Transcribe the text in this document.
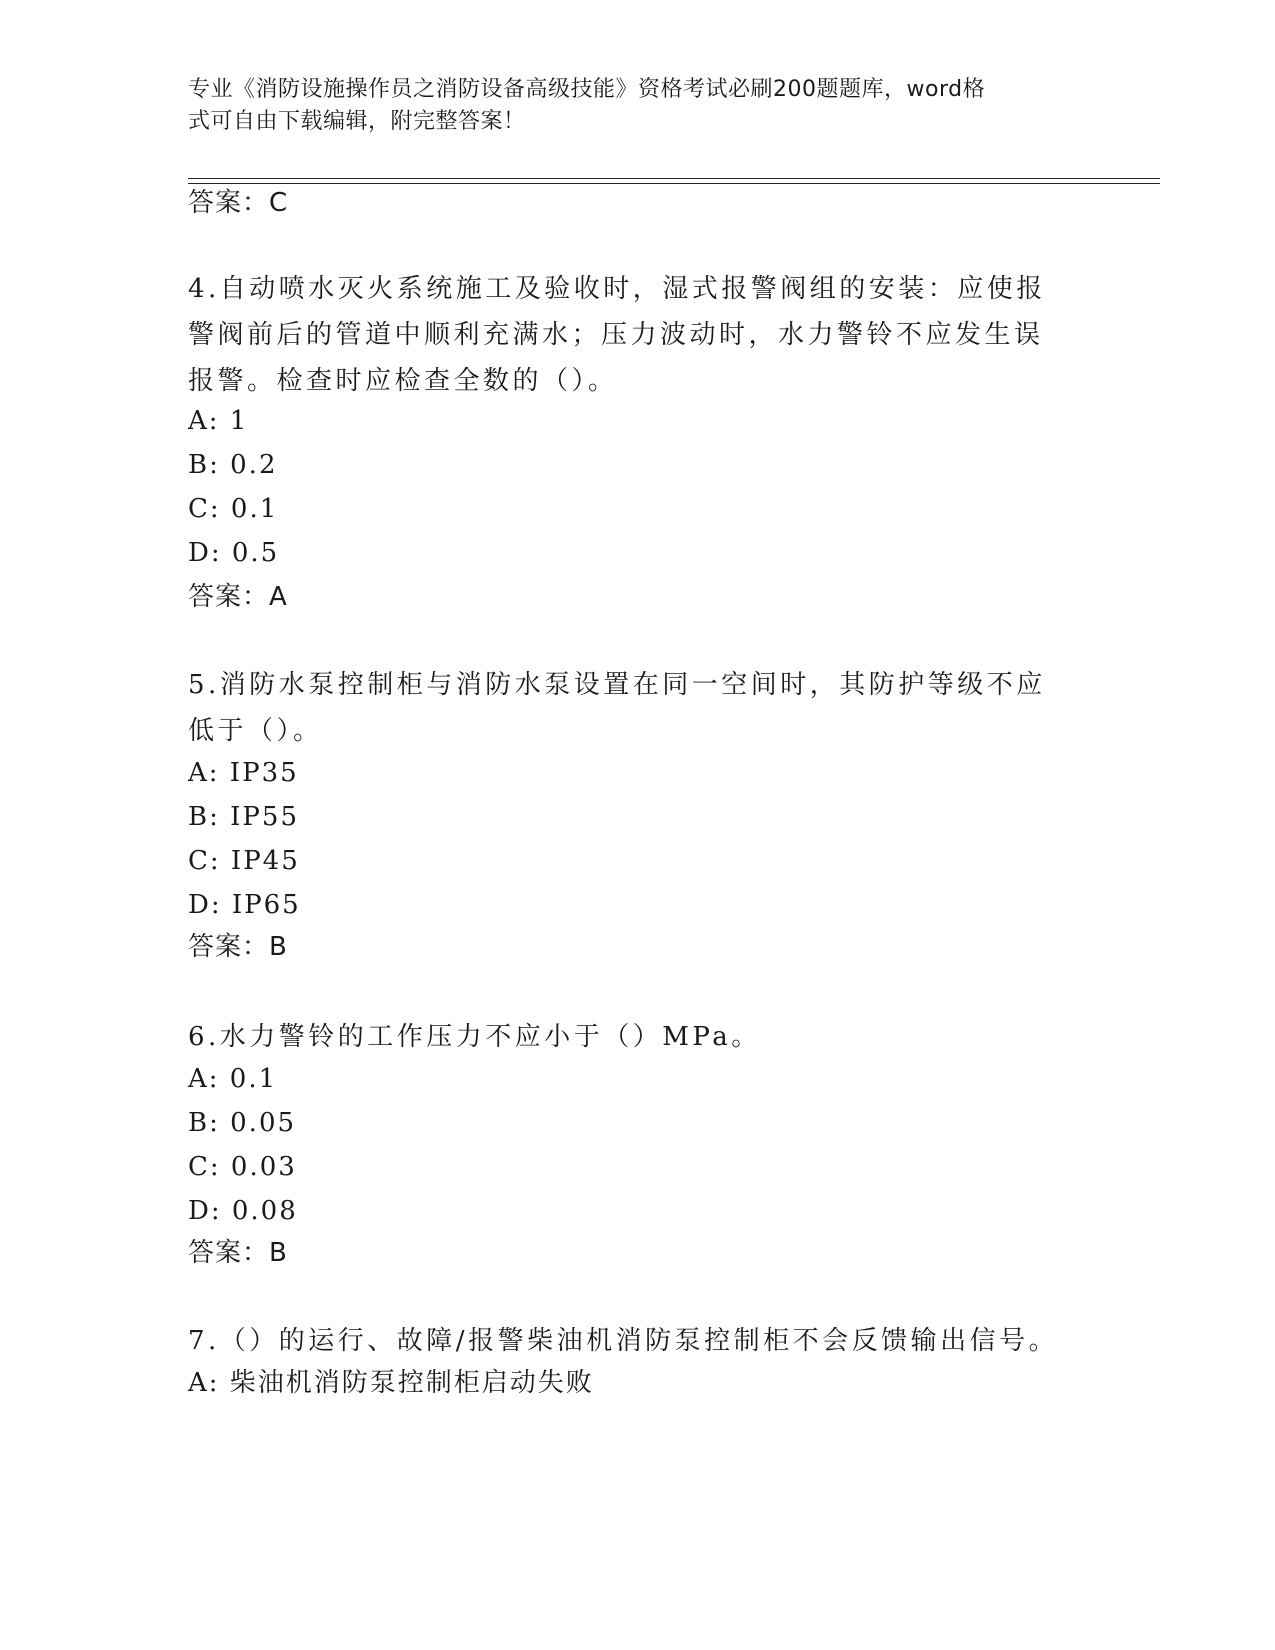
专业《消防设施操作员之消防设备高级技能》资格考试必刷200题题库，word格
式可自由下载编辑，附完整答案！
答案：C
4.自动喷水灭火系统施工及验收时，湿式报警阀组的安装：应使报警阀前后的管道中顺利充满水；压力波动时，水力警铃不应发生误报警。检查时应检查全数的（）。
A: 1
B: 0.2
C: 0.1
D: 0.5
答案：A
5.消防水泵控制柜与消防水泵设置在同一空间时，其防护等级不应低于（）。
A: IP35
B: IP55
C: IP45
D: IP65
答案：B
6.水力警铃的工作压力不应小于（）MPa。
A: 0.1
B: 0.05
C: 0.03
D: 0.08
答案：B
7.（）的运行、故障/报警柴油机消防泵控制柜不会反馈输出信号。
A: 柴油机消防泵控制柜启动失败
